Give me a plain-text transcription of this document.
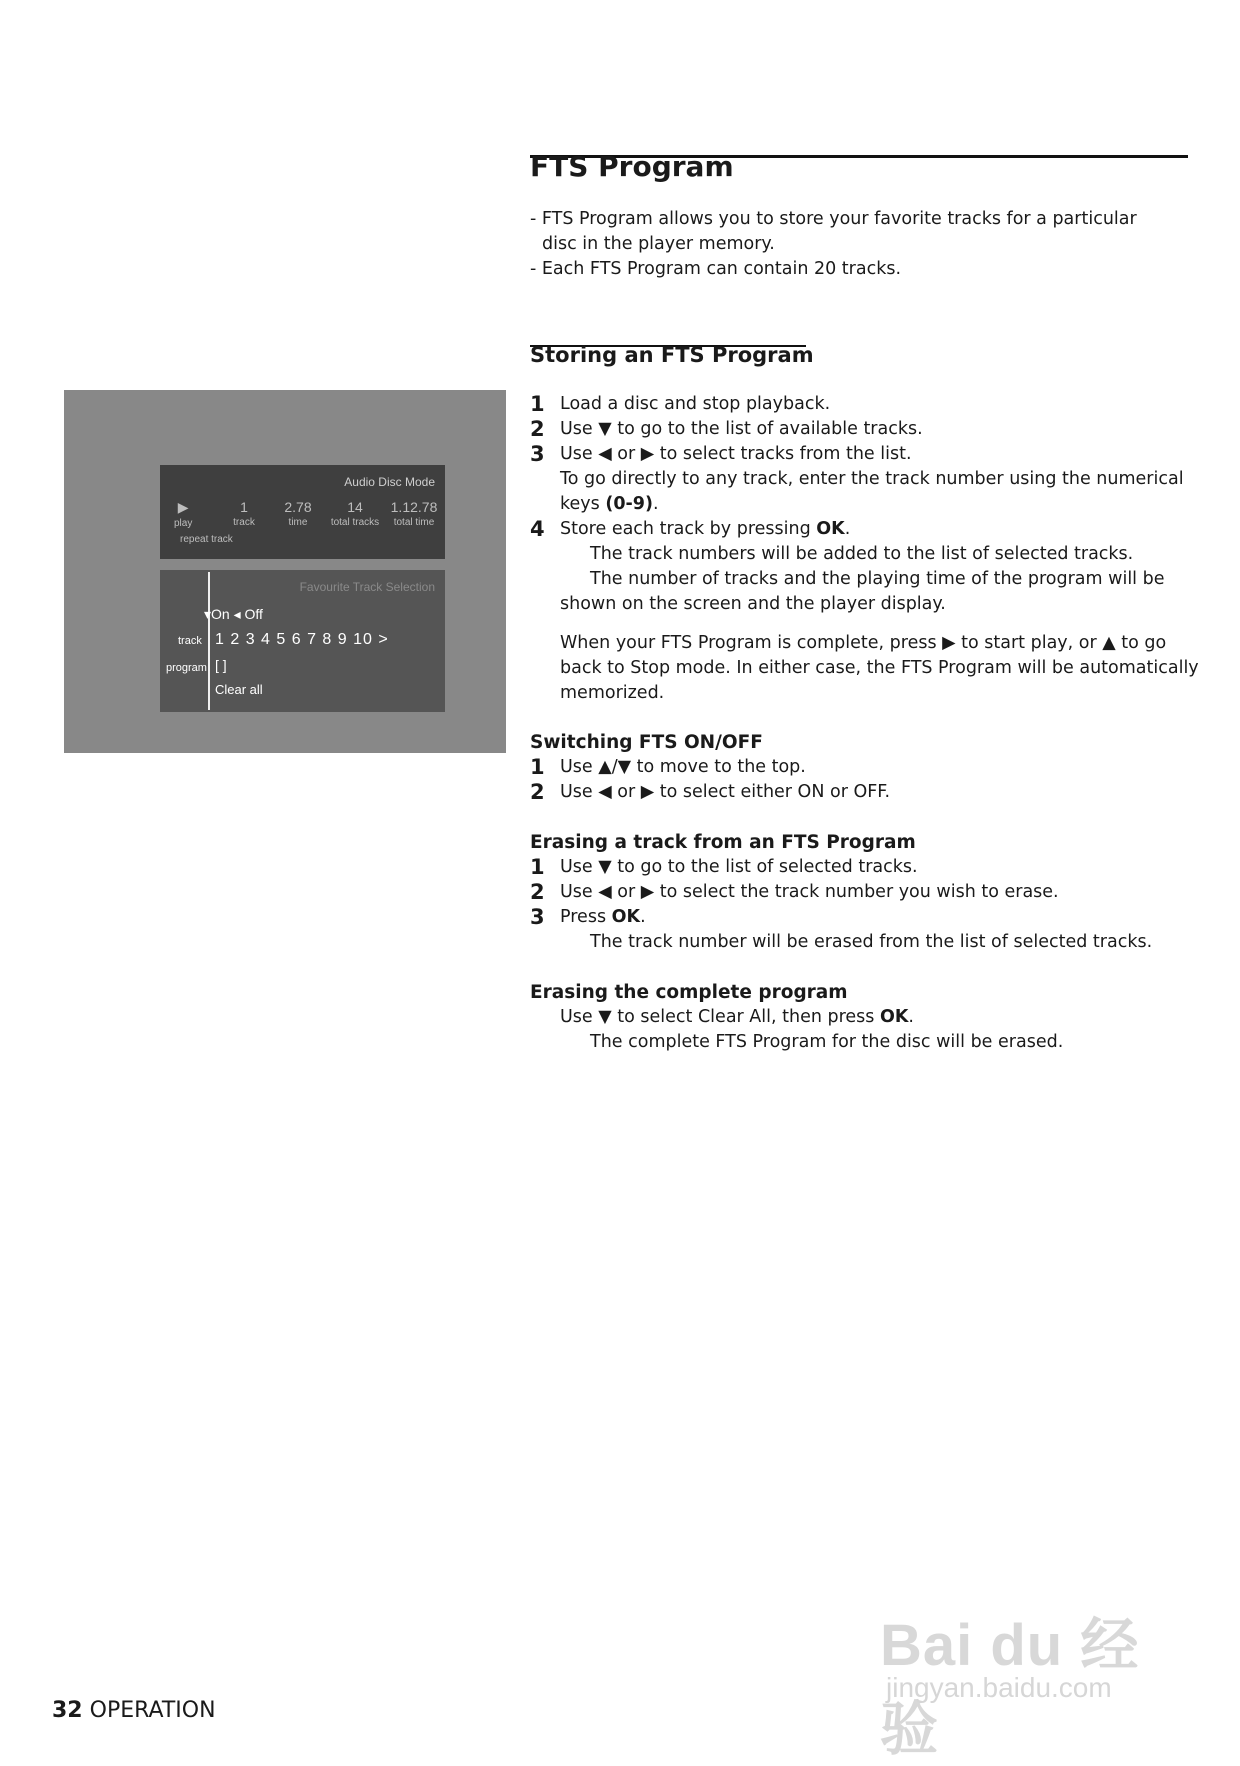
FTS Program
- FTS Program allows you to store your favorite tracks for a particular
disc in the player memory.
- Each FTS Program can contain 20 tracks.
Storing an FTS Program
1 Load a disc and stop playback.
2 Use ▼ to go to the list of available tracks.
3 Use ◀ or ▶ to select tracks from the list.
To go directly to any track, enter the track number using the numerical
keys (0-9).
4 Store each track by pressing OK.
The track numbers will be added to the list of selected tracks.
The number of tracks and the playing time of the program will be
shown on the screen and the player display.
When your FTS Program is complete, press ▶ to start play, or ▲ to go
back to Stop mode. In either case, the FTS Program will be automatically
memorized.
Switching FTS ON/OFF
1 Use ▲/▼ to move to the top.
2 Use ◀ or ▶ to select either ON or OFF.
Erasing a track from an FTS Program
1 Use ▼ to go to the list of selected tracks.
2 Use ◀ or ▶ to select the track number you wish to erase.
3 Press OK.
The track number will be erased from the list of selected tracks.
Erasing the complete program
Use ▼ to select Clear All, then press OK.
The complete FTS Program for the disc will be erased.
Audio Disc Mode
▶
play
1
track
2.78
time
14
total tracks
1.12.78
total time
repeat track
Favourite Track Selection
▾On ◂ Off
track 1 2 3 4 5 6 7 8 9 10 >
program [ ]
Clear all
32 OPERATION
Bai du 经验
jingyan.baidu.com
